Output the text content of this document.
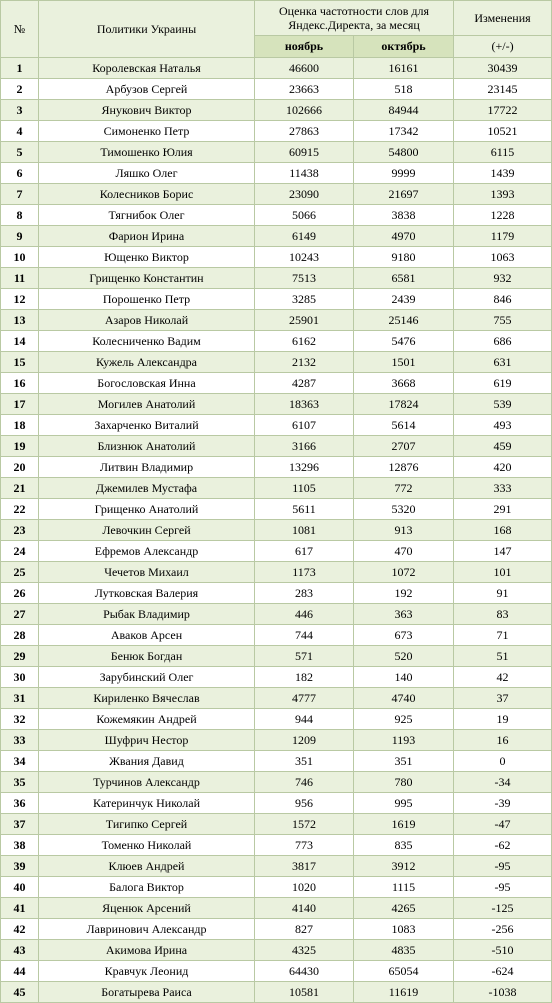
№	Политики Украины	Оценка частотности слов для Яндекс.Директа, за месяц		Изменения
		ноябрь	октябрь	(+/-)
1	Королевская Наталья	46600	16161	30439
2	Арбузов Сергей	23663	518	23145
3	Янукович Виктор	102666	84944	17722
4	Симоненко Петр	27863	17342	10521
5	Тимошенко Юлия	60915	54800	6115
6	Ляшко Олег	11438	9999	1439
7	Колесников Борис	23090	21697	1393
8	Тягнибок Олег	5066	3838	1228
9	Фарион Ирина	6149	4970	1179
10	Ющенко Виктор	10243	9180	1063
11	Грищенко Константин	7513	6581	932
12	Порошенко Петр	3285	2439	846
13	Азаров Николай	25901	25146	755
14	Колесниченко Вадим	6162	5476	686
15	Кужель Александра	2132	1501	631
16	Богословская Инна	4287	3668	619
17	Могилев Анатолий	18363	17824	539
18	Захарченко Виталий	6107	5614	493
19	Близнюк Анатолий	3166	2707	459
20	Литвин Владимир	13296	12876	420
21	Джемилев Мустафа	1105	772	333
22	Грищенко Анатолий	5611	5320	291
23	Левочкин Сергей	1081	913	168
24	Ефремов Александр	617	470	147
25	Чечетов Михаил	1173	1072	101
26	Лутковская Валерия	283	192	91
27	Рыбак Владимир	446	363	83
28	Аваков Арсен	744	673	71
29	Бенюк Богдан	571	520	51
30	Зарубинский Олег	182	140	42
31	Кириленко Вячеслав	4777	4740	37
32	Кожемякин Андрей	944	925	19
33	Шуфрич Нестор	1209	1193	16
34	Жвания Давид	351	351	0
35	Турчинов Александр	746	780	-34
36	Катеринчук Николай	956	995	-39
37	Тигипко Сергей	1572	1619	-47
38	Томенко Николай	773	835	-62
39	Клюев Андрей	3817	3912	-95
40	Балога Виктор	1020	1115	-95
41	Яценюк Арсений	4140	4265	-125
42	Лавринович Александр	827	1083	-256
43	Акимова Ирина	4325	4835	-510
44	Кравчук Леонид	64430	65054	-624
45	Богатырева Раиса	10581	11619	-1038
